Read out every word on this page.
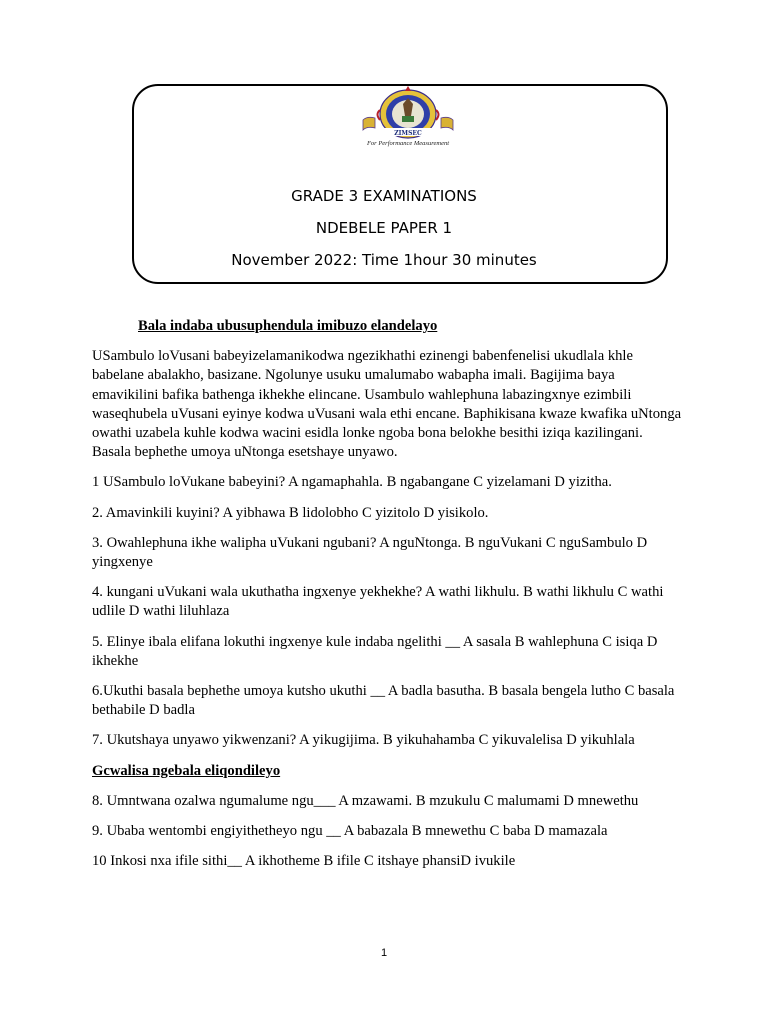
ZIMSEC
For Performance Measurement
GRADE 3 EXAMINATIONS
NDEBELE PAPER 1
November 2022: Time 1hour 30 minutes
Bala indaba ubusuphendula imibuzo elandelayo
USambulo loVusani babeyizelamanikodwa ngezikhathi ezinengi babenfenelisi ukudlala khle babelane abalakho, basizane. Ngolunye usuku umalumabo wabapha imali. Bagijima baya emavikilini bafika bathenga ikhekhe elincane. Usambulo wahlephuna labazingxnye ezimbili waseqhubela uVusani eyinye kodwa uVusani wala ethi encane. Baphikisana kwaze kwafika uNtonga owathi uzabela kuhle kodwa wacini esidla lonke ngoba bona belokhe besithi iziqa kazilingani. Basala bephethe umoya uNtonga esetshaye unyawo.
1 USambulo loVukane babeyini? A ngamaphahla. B ngabangane C yizelamani D yizitha.
2. Amavinkili kuyini? A yibhawa B lidolobho C yizitolo D yisikolo.
3. Owahlephuna ikhe walipha uVukani ngubani? A nguNtonga. B nguVukani C nguSambulo D yingxenye
4. kungani uVukani wala ukuthatha ingxenye yekhekhe? A wathi likhulu. B wathi likhulu C wathi udlile D wathi liluhlaza
5. Elinye ibala elifana lokuthi ingxenye kule indaba ngelithi __ A sasala B wahlephuna C isiqa D ikhekhe
6.Ukuthi basala bephethe umoya kutsho ukuthi __ A badla basutha. B basala bengela lutho C basala bethabile D badla
7. Ukutshaya unyawo yikwenzani? A yikugijima. B yikuhahamba C yikuvalelisa D yikuhlala
Gcwalisa ngebala eliqondileyo
8. Umntwana ozalwa ngumalume ngu___ A mzawami. B mzukulu C malumami D mnewethu
9. Ubaba wentombi engiyithetheyo ngu __ A babazala B mnewethu C baba D mamazala
10 Inkosi nxa ifile sithi__ A ikhotheme B ifile C itshaye phansiD ivukile
1
